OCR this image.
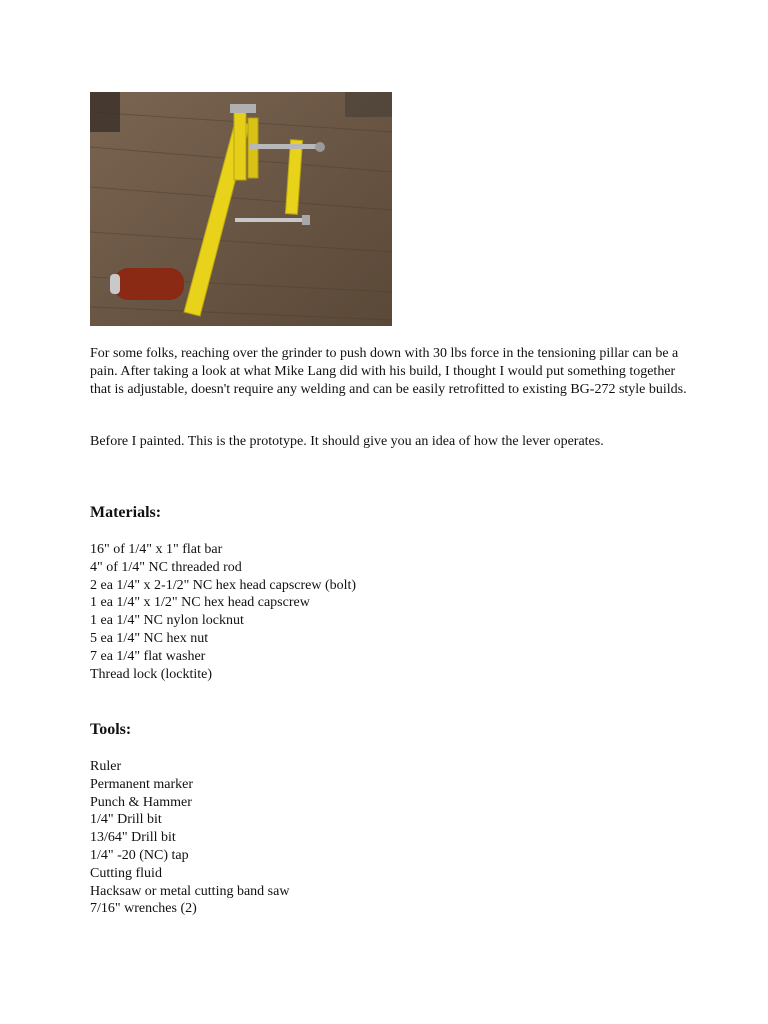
For some folks, reaching over the grinder to push down with 30 lbs force in the tensioning pillar can be a pain. After taking a look at what Mike Lang did with his build, I thought I would put something together that is adjustable, doesn't require any welding and can be easily retrofitted to existing BG-272 style builds.
Before I painted. This is the prototype. It should give you an idea of how the lever operates.
Materials:
16" of 1/4" x 1" flat bar
4" of 1/4" NC threaded rod
2 ea 1/4" x 2-1/2" NC hex head capscrew (bolt)
1 ea 1/4" x 1/2" NC hex head capscrew
1 ea 1/4" NC nylon locknut
5 ea 1/4" NC hex nut
7 ea 1/4" flat washer
Thread lock (locktite)
Tools:
Ruler
Permanent marker
Punch & Hammer
1/4" Drill bit
13/64" Drill bit
1/4" -20 (NC) tap
Cutting fluid
Hacksaw or metal cutting band saw
7/16" wrenches (2)
